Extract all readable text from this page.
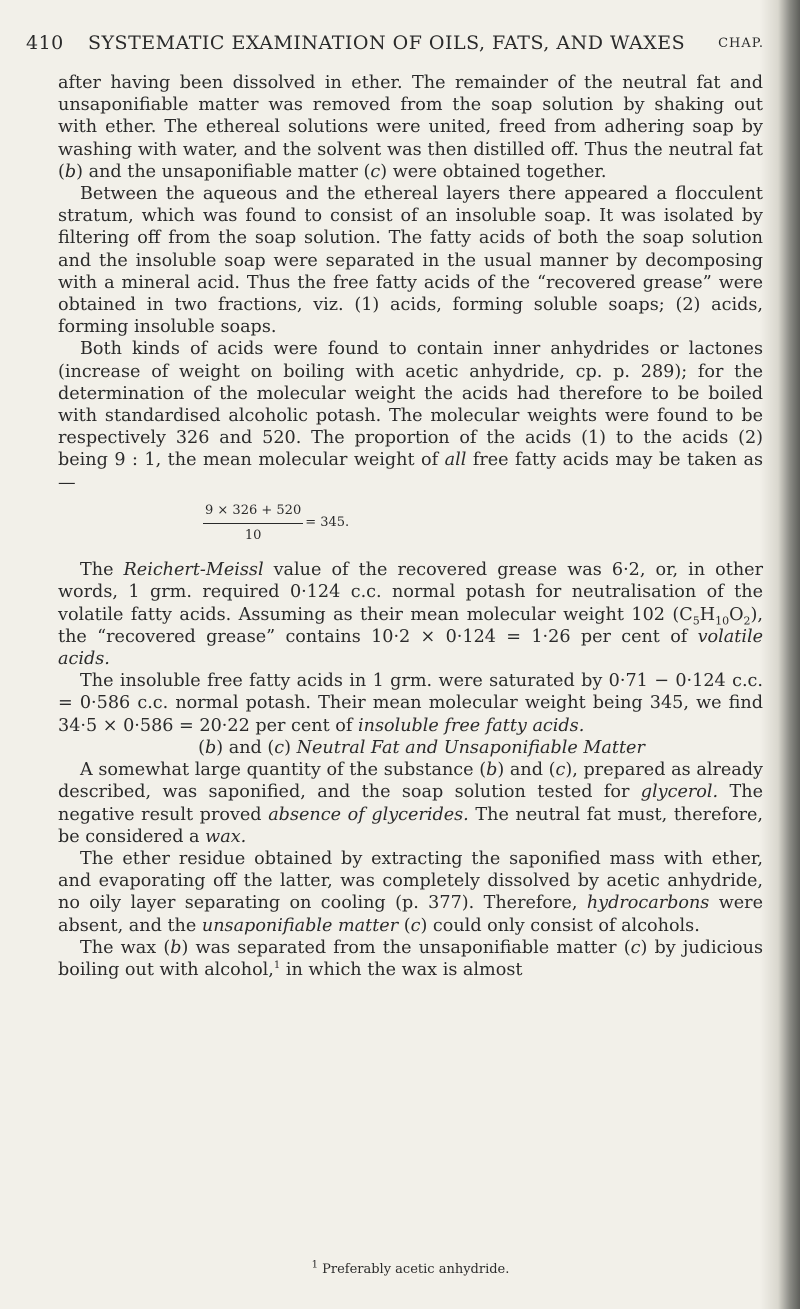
410 SYSTEMATIC EXAMINATION OF OILS, FATS, AND WAXES	CHAP.

after having been dissolved in ether. The remainder of the neutral fat and unsaponifiable matter was removed from the soap solution by shaking out with ether. The ethereal solutions were united, freed from adhering soap by washing with water, and the solvent was then distilled off. Thus the neutral fat (b) and the unsaponifiable matter (c) were obtained together.

Between the aqueous and the ethereal layers there appeared a flocculent stratum, which was found to consist of an insoluble soap. It was isolated by filtering off from the soap solution. The fatty acids of both the soap solution and the insoluble soap were separated in the usual manner by decomposing with a mineral acid. Thus the free fatty acids of the “recovered grease” were obtained in two fractions, viz. (1) acids, forming soluble soaps; (2) acids, forming insoluble soaps.

Both kinds of acids were found to contain inner anhydrides or lactones (increase of weight on boiling with acetic anhydride, cp. p. 289); for the determination of the molecular weight the acids had therefore to be boiled with standardised alcoholic potash. The molecular weights were found to be respectively 326 and 520. The proportion of the acids (1) to the acids (2) being 9 : 1, the mean molecular weight of all free fatty acids may be taken as—

$\frac{9 \times 326 + 520}{10} = 345$.

The Reichert-Meissl value of the recovered grease was 6·2, or, in other words, 1 grm. required 0·124 c.c. normal potash for neutralisation of the volatile fatty acids. Assuming as their mean molecular weight 102 $(C_5H_{10}O_2)$, the “recovered grease” contains 10·2 × 0·124 = 1·26 per cent of volatile acids.

The insoluble free fatty acids in 1 grm. were saturated by 0·71 − 0·124 c.c. = 0·586 c.c. normal potash. Their mean molecular weight being 345, we find 34·5 × 0·586 = 20·22 per cent of insoluble free fatty acids.

(b) and (c) Neutral Fat and Unsaponifiable Matter

A somewhat large quantity of the substance (b) and (c), prepared as already described, was saponified, and the soap solution tested for glycerol. The negative result proved absence of glycerides. The neutral fat must, therefore, be considered a wax.

The ether residue obtained by extracting the saponified mass with ether, and evaporating off the latter, was completely dissolved by acetic anhydride, no oily layer separating on cooling (p. 377). Therefore, hydrocarbons were absent, and the unsaponifiable matter (c) could only consist of alcohols.

The wax (b) was separated from the unsaponifiable matter (c) by judicious boiling out with alcohol,$^1$ in which the wax is almost

$^1$ Preferably acetic anhydride.
